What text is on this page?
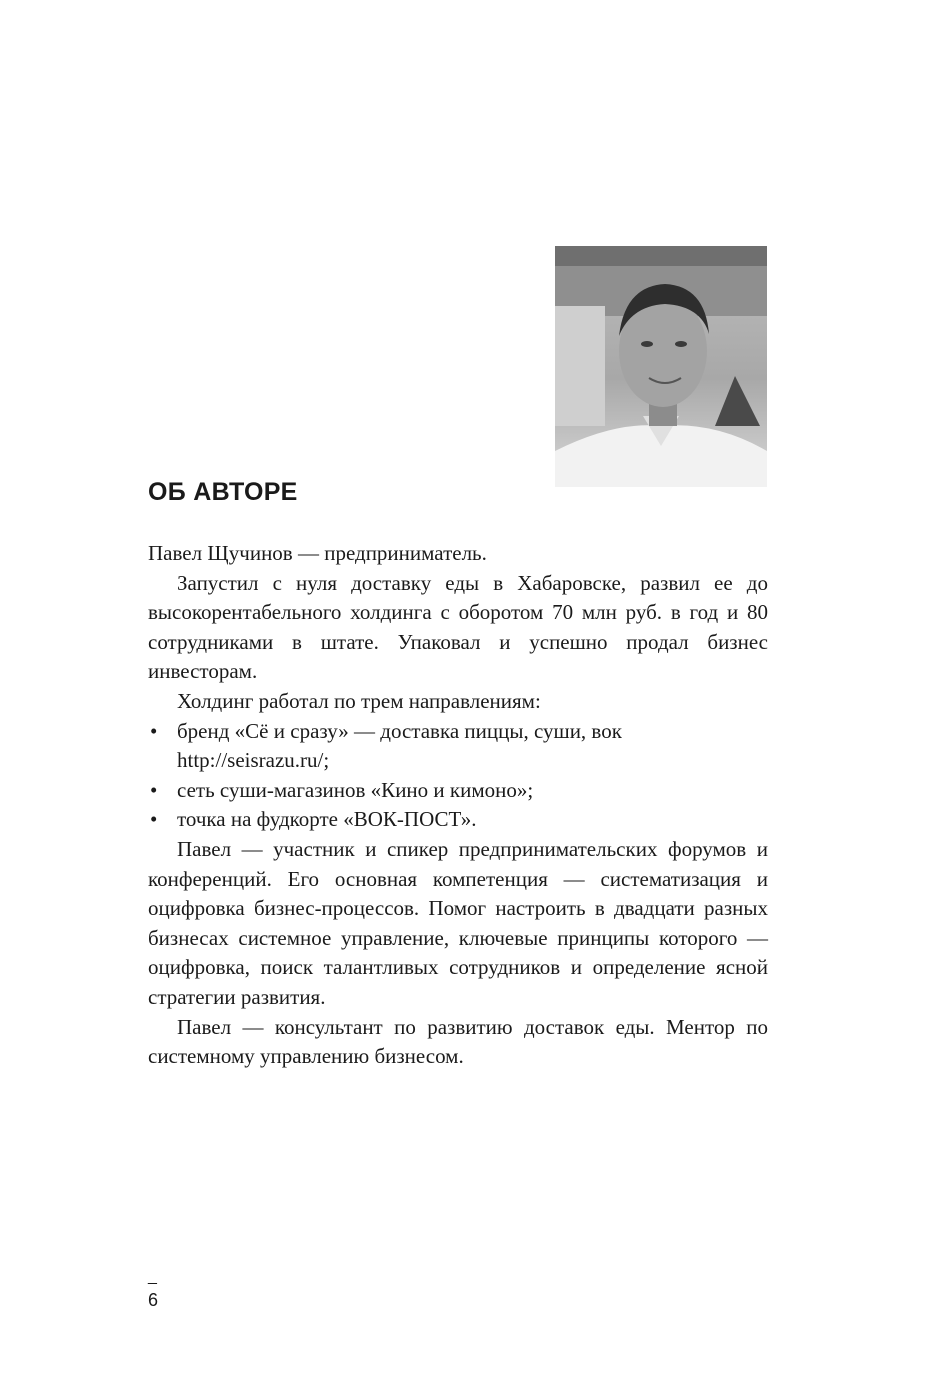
ОБ АВТОРЕ

Павел Щучинов — предприниматель.

Запустил с нуля доставку еды в Хабаровске, развил ее до высокорентабельного холдинга с оборотом 70 млн руб. в год и 80 сотрудниками в штате. Упаковал и успешно продал бизнес инвесторам.

Холдинг работал по трем направлениям:

• бренд «Сё и сразу» — доставка пиццы, суши, вок http://seisrazu.ru/;
• сеть суши-магазинов «Кино и кимоно»;
• точка на фудкорте «ВОК-ПОСТ».

Павел — участник и спикер предпринимательских форумов и конференций. Его основная компетенция — систематизация и оцифровка бизнес-процессов. Помог настроить в двадцати разных бизнесах системное управление, ключевые принципы которого — оцифровка, поиск талантливых сотрудников и определение ясной стратегии развития.

Павел — консультант по развитию доставок еды. Ментор по системному управлению бизнесом.

_
6
